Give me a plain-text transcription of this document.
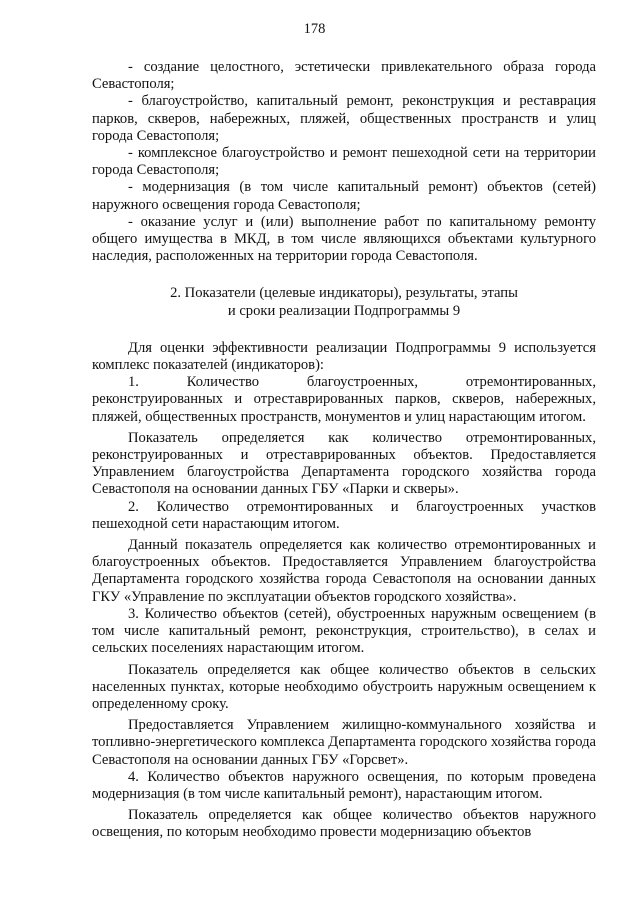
178

- создание целостного, эстетически привлекательного образа города Севастополя;

- благоустройство, капитальный ремонт, реконструкция и реставрация парков, скверов, набережных, пляжей, общественных пространств и улиц города Севастополя;

- комплексное благоустройство и ремонт пешеходной сети на территории города Севастополя;

- модернизация (в том числе капитальный ремонт) объектов (сетей) наружного освещения города Севастополя;

- оказание услуг и (или) выполнение работ по капитальному ремонту общего имущества в МКД, в том числе являющихся объектами культурного наследия, расположенных на территории города Севастополя.

2. Показатели (целевые индикаторы), результаты, этапы
и сроки реализации Подпрограммы 9

Для оценки эффективности реализации Подпрограммы 9 используется комплекс показателей (индикаторов):

1. Количество благоустроенных, отремонтированных, реконструированных и отреставрированных парков, скверов, набережных, пляжей, общественных пространств, монументов и улиц нарастающим итогом.

Показатель определяется как количество отремонтированных, реконструированных и отреставрированных объектов. Предоставляется Управлением благоустройства Департамента городского хозяйства города Севастополя на основании данных ГБУ «Парки и скверы».

2. Количество отремонтированных и благоустроенных участков пешеходной сети нарастающим итогом.

Данный показатель определяется как количество отремонтированных и благоустроенных объектов. Предоставляется Управлением благоустройства Департамента городского хозяйства города Севастополя на основании данных ГКУ «Управление по эксплуатации объектов городского хозяйства».

3. Количество объектов (сетей), обустроенных наружным освещением (в том числе капитальный ремонт, реконструкция, строительство), в селах и сельских поселениях нарастающим итогом.

Показатель определяется как общее количество объектов в сельских населенных пунктах, которые необходимо обустроить наружным освещением к определенному сроку.

Предоставляется Управлением жилищно-коммунального хозяйства и топливно-энергетического комплекса Департамента городского хозяйства города Севастополя на основании данных ГБУ «Горсвет».

4. Количество объектов наружного освещения, по которым проведена модернизация (в том числе капитальный ремонт), нарастающим итогом.

Показатель определяется как общее количество объектов наружного освещения, по которым необходимо провести модернизацию объектов
